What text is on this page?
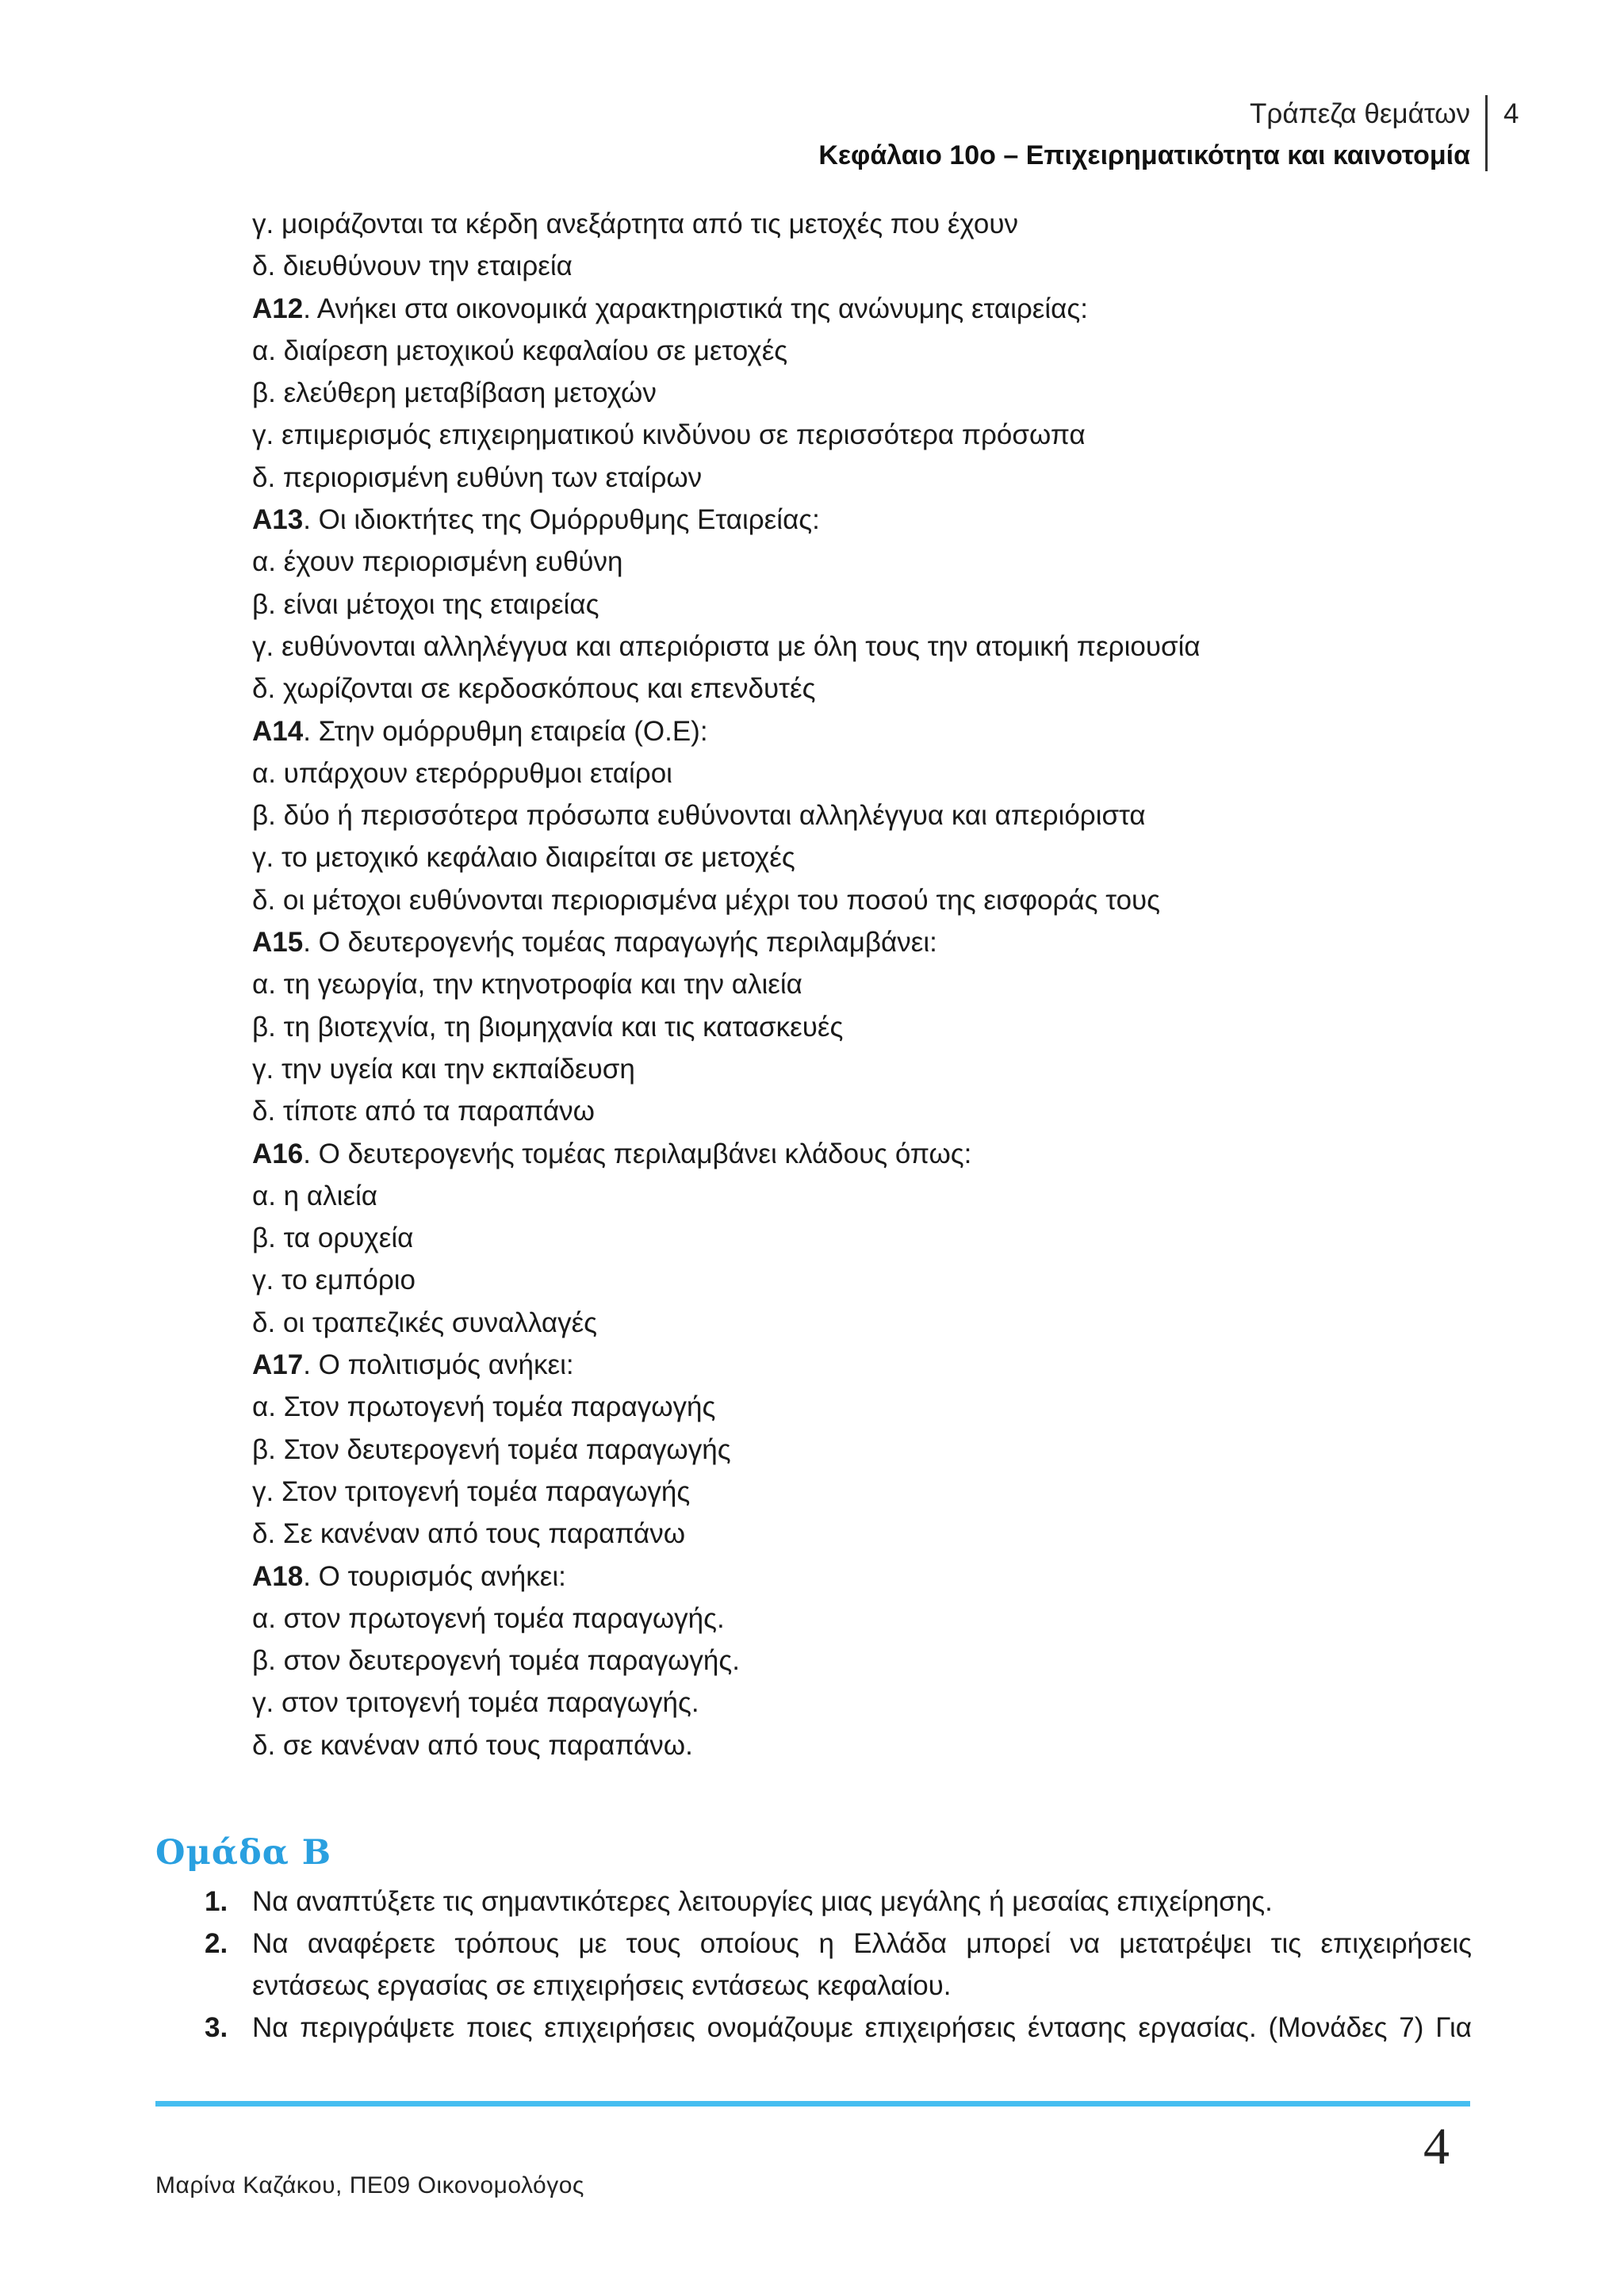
Τράπεζα θεμάτων
Κεφάλαιο 10ο – Επιχειρηματικότητα και καινοτομία
4
γ. μοιράζονται τα κέρδη ανεξάρτητα από τις μετοχές που έχουν
δ. διευθύνουν την εταιρεία
Α12. Ανήκει στα οικονομικά χαρακτηριστικά της ανώνυμης εταιρείας:
α. διαίρεση μετοχικού κεφαλαίου σε μετοχές
β. ελεύθερη μεταβίβαση μετοχών
γ. επιμερισμός επιχειρηματικού κινδύνου σε περισσότερα πρόσωπα
δ. περιορισμένη ευθύνη των εταίρων
Α13. Οι ιδιοκτήτες της Ομόρρυθμης Εταιρείας:
α. έχουν περιορισμένη ευθύνη
β. είναι μέτοχοι της εταιρείας
γ. ευθύνονται αλληλέγγυα και απεριόριστα με όλη τους την ατομική περιουσία
δ. χωρίζονται σε κερδοσκόπους και επενδυτές
Α14. Στην ομόρρυθμη εταιρεία (Ο.Ε):
α. υπάρχουν ετερόρρυθμοι εταίροι
β. δύο ή περισσότερα πρόσωπα ευθύνονται αλληλέγγυα και απεριόριστα
γ. το μετοχικό κεφάλαιο διαιρείται σε μετοχές
δ. οι μέτοχοι ευθύνονται περιορισμένα μέχρι του ποσού της εισφοράς τους
Α15. Ο δευτερογενής τομέας παραγωγής περιλαμβάνει:
α. τη γεωργία, την κτηνοτροφία και την αλιεία
β. τη βιοτεχνία, τη βιομηχανία και τις κατασκευές
γ. την υγεία και την εκπαίδευση
δ. τίποτε από τα παραπάνω
Α16. Ο δευτερογενής τομέας περιλαμβάνει κλάδους όπως:
α. η αλιεία
β. τα ορυχεία
γ. το εμπόριο
δ. οι τραπεζικές συναλλαγές
Α17. Ο πολιτισμός ανήκει:
α. Στον πρωτογενή τομέα παραγωγής
β. Στον δευτερογενή τομέα παραγωγής
γ. Στον τριτογενή τομέα παραγωγής
δ. Σε κανέναν από τους παραπάνω
Α18. Ο τουρισμός ανήκει:
α. στον πρωτογενή τομέα παραγωγής.
β. στον δευτερογενή τομέα παραγωγής.
γ. στον τριτογενή τομέα παραγωγής.
δ. σε κανέναν από τους παραπάνω.
Ομάδα Β
1. Να αναπτύξετε τις σημαντικότερες λειτουργίες μιας μεγάλης ή μεσαίας επιχείρησης.
2. Να αναφέρετε τρόπους με τους οποίους η Ελλάδα μπορεί να μετατρέψει τις επιχειρήσεις
εντάσεως εργασίας σε επιχειρήσεις εντάσεως κεφαλαίου.
3. Να περιγράψετε ποιες επιχειρήσεις ονομάζουμε επιχειρήσεις έντασης εργασίας. (Μονάδες 7) Για
4
Μαρίνα Καζάκου, ΠΕ09 Οικονομολόγος
